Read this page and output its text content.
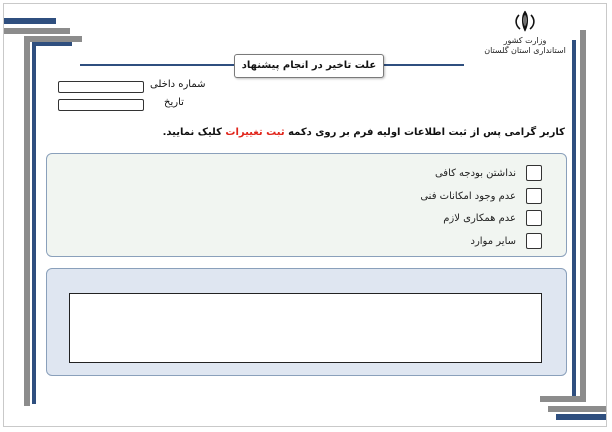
وزارت کشور
استانداری استان گلستان
علت تاخیر در انجام پیشنهاد
شماره داخلی
تاریخ
کاربر گرامی پس از ثبت اطلاعات اولیه فرم بر روی دکمه ثبت تغییرات کلیک نمایید.
نداشتن بودجه کافی
عدم وجود امکانات فنی
عدم همکاری لازم
سایر موارد
